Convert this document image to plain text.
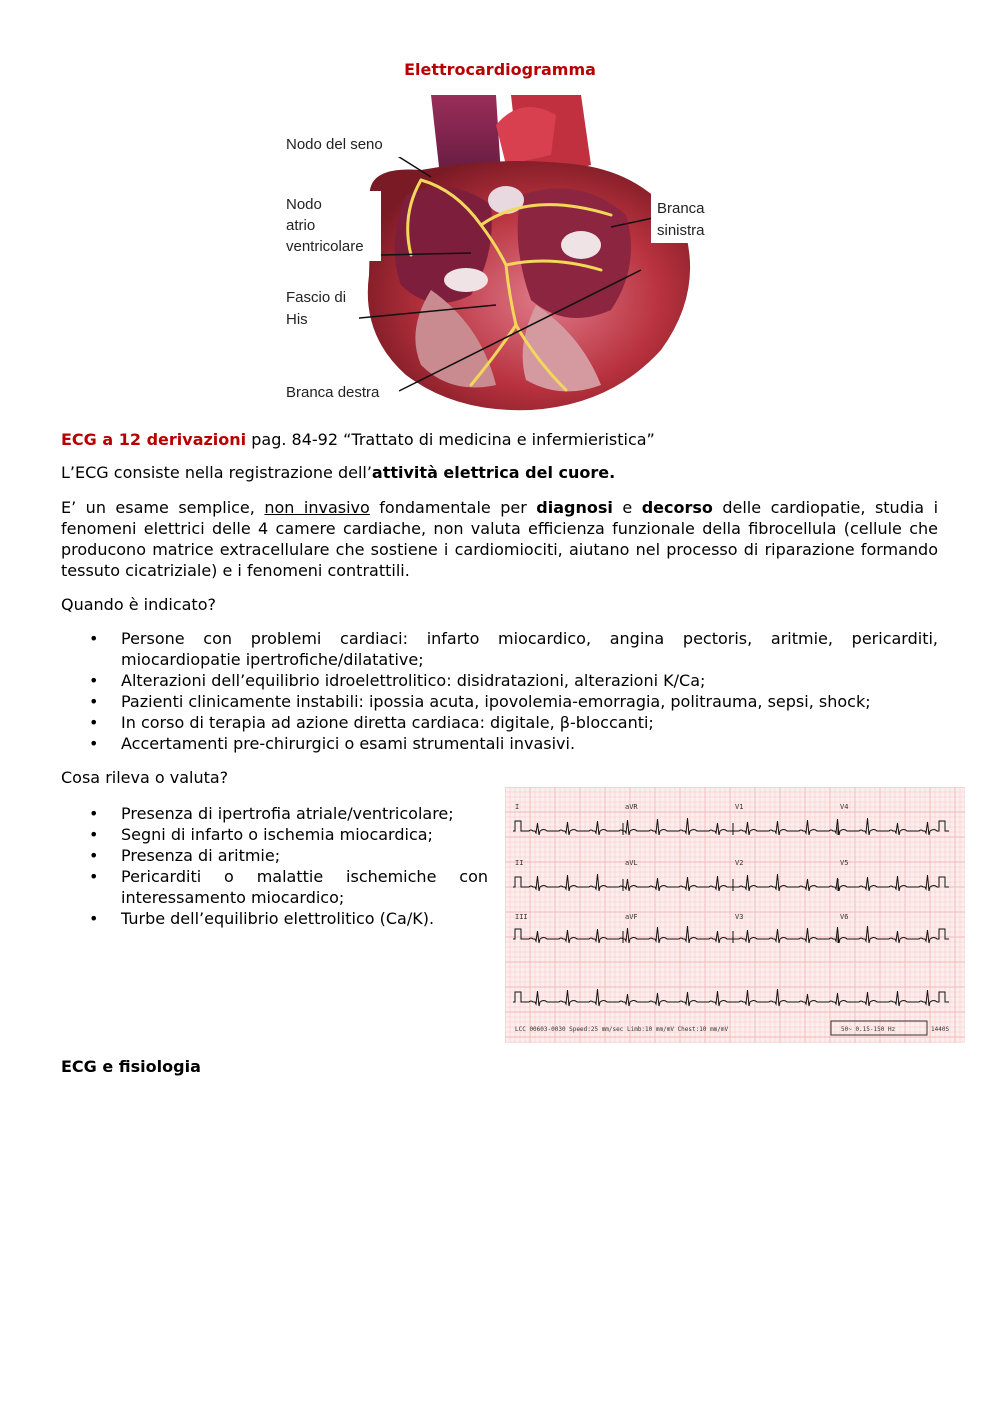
Elettrocardiogramma
Nodo del seno
Nodo
atrio
ventricolare
Fascio di
His
Branca destra
Branca
sinistra

ECG a 12 derivazioni pag. 84-92 “Trattato di medicina e infermieristica”

L’ECG consiste nella registrazione dell’attività elettrica del cuore.

E’ un esame semplice, non invasivo fondamentale per diagnosi e decorso delle cardiopatie, studia i fenomeni elettrici delle 4 camere cardiache, non valuta efficienza funzionale della fibrocellula (cellule che producono matrice extracellulare che sostiene i cardiomiociti, aiutano nel processo di riparazione formando tessuto cicatriziale) e i fenomeni contrattili.

Quando è indicato?

• Persone con problemi cardiaci: infarto miocardico, angina pectoris, aritmie, pericarditi, miocardiopatie ipertrofiche/dilatative;
• Alterazioni dell’equilibrio idroelettrolitico: disidratazioni, alterazioni K/Ca;
• Pazienti clinicamente instabili: ipossia acuta, ipovolemia-emorragia, politrauma, sepsi, shock;
• In corso di terapia ad azione diretta cardiaca: digitale, β-bloccanti;
• Accertamenti pre-chirurgici o esami strumentali invasivi.

Cosa rileva o valuta?

• Presenza di ipertrofia atriale/ventricolare;
• Segni di infarto o ischemia miocardica;
• Presenza di aritmie;
• Pericarditi o malattie ischemiche con interessamento miocardico;
• Turbe dell’equilibrio elettrolitico (Ca/K).
I	aVR	V1	V4
II	aVL	V2	V5
III	aVF	V3	V6
LCC 00603-0030 Speed:25 mm/sec Limb:10 mm/mV Chest:10 mm/mV	50~ 0.15-150 Hz	1440S

ECG e fisiologia
